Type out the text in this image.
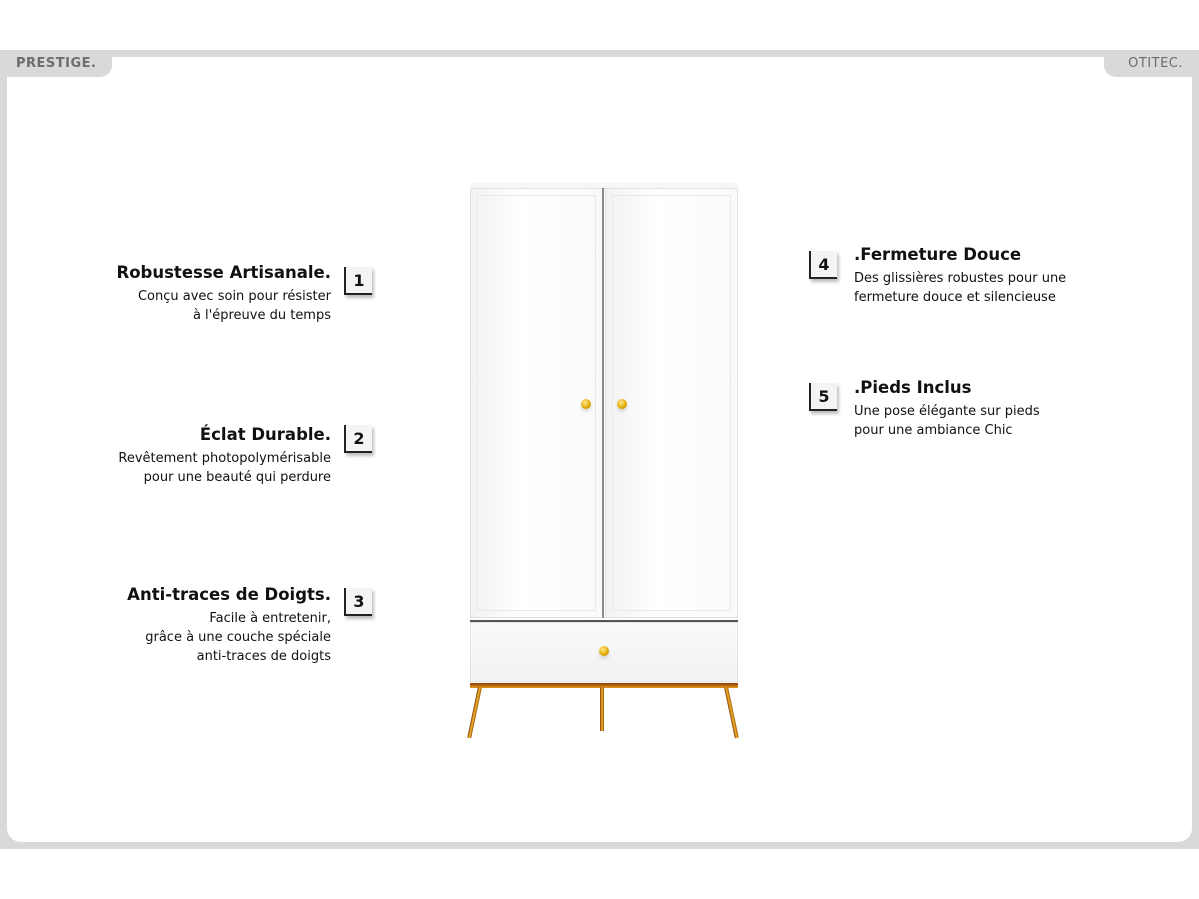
PRESTIGE.	OTITEC.
Robustesse Artisanale.
Conçu avec soin pour résister
à l'épreuve du temps
1
Éclat Durable.
Revêtement photopolymérisable
pour une beauté qui perdure
2
Anti-traces de Doigts.
Facile à entretenir,
grâce à une couche spéciale
anti-traces de doigts
3
4	.Fermeture Douce
Des glissières robustes pour une
fermeture douce et silencieuse
5	.Pieds Inclus
Une pose élégante sur pieds
pour une ambiance Chic
